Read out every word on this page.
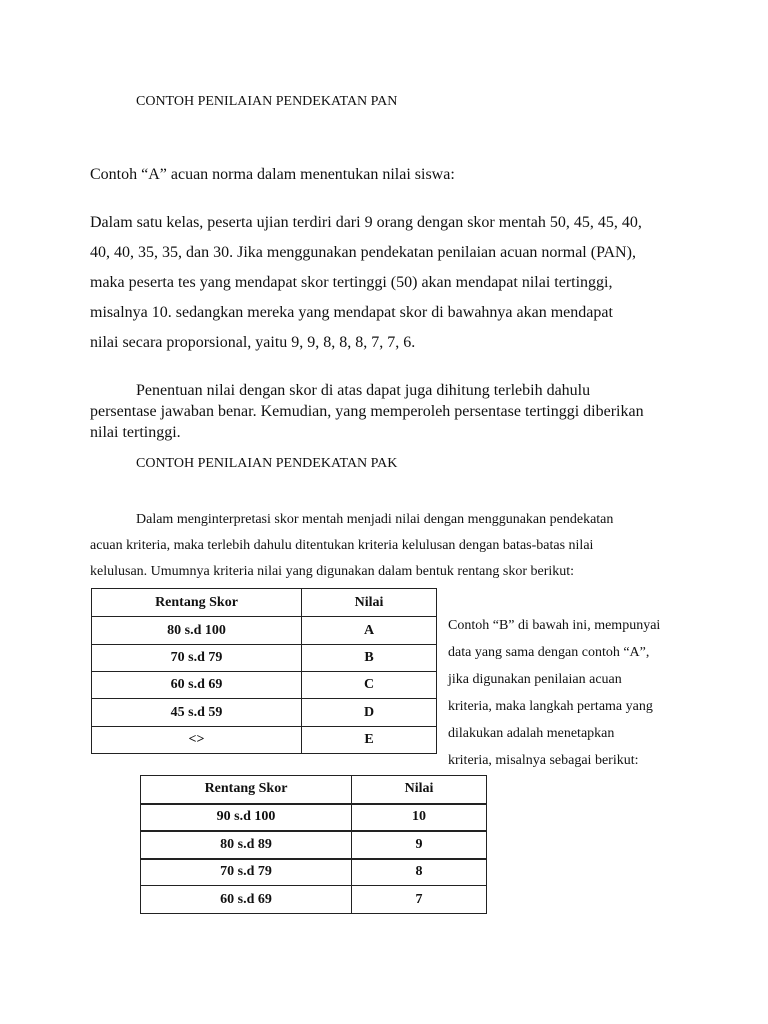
CONTOH PENILAIAN PENDEKATAN PAN
Contoh “A” acuan norma dalam menentukan nilai siswa:
Dalam satu kelas, peserta ujian terdiri dari 9 orang dengan skor mentah 50, 45, 45, 40,
40, 40, 35, 35, dan 30. Jika menggunakan pendekatan penilaian acuan normal (PAN),
maka peserta tes yang mendapat skor tertinggi (50) akan mendapat nilai tertinggi,
misalnya 10. sedangkan mereka yang mendapat skor di bawahnya akan mendapat
nilai secara proporsional, yaitu 9, 9, 8, 8, 8, 7, 7, 6.
Penentuan nilai dengan skor di atas dapat juga dihitung terlebih dahulu
persentase jawaban benar. Kemudian, yang memperoleh persentase tertinggi diberikan
nilai tertinggi.
CONTOH PENILAIAN PENDEKATAN PAK
Dalam menginterpretasi skor mentah menjadi nilai dengan menggunakan pendekatan
acuan kriteria, maka terlebih dahulu ditentukan kriteria kelulusan dengan batas-batas nilai
kelulusan. Umumnya kriteria nilai yang digunakan dalam bentuk rentang skor berikut:
Rentang Skor	Nilai
80 s.d 100	A
70 s.d 79	B
60 s.d 69	C
45 s.d 59	D
<>	E
Contoh “B” di bawah ini, mempunyai
data yang sama dengan contoh “A”,
jika digunakan penilaian acuan
kriteria, maka langkah pertama yang
dilakukan adalah menetapkan
kriteria, misalnya sebagai berikut:
Rentang Skor	Nilai
90 s.d 100	10
80 s.d 89	9
70 s.d 79	8
60 s.d 69	7
